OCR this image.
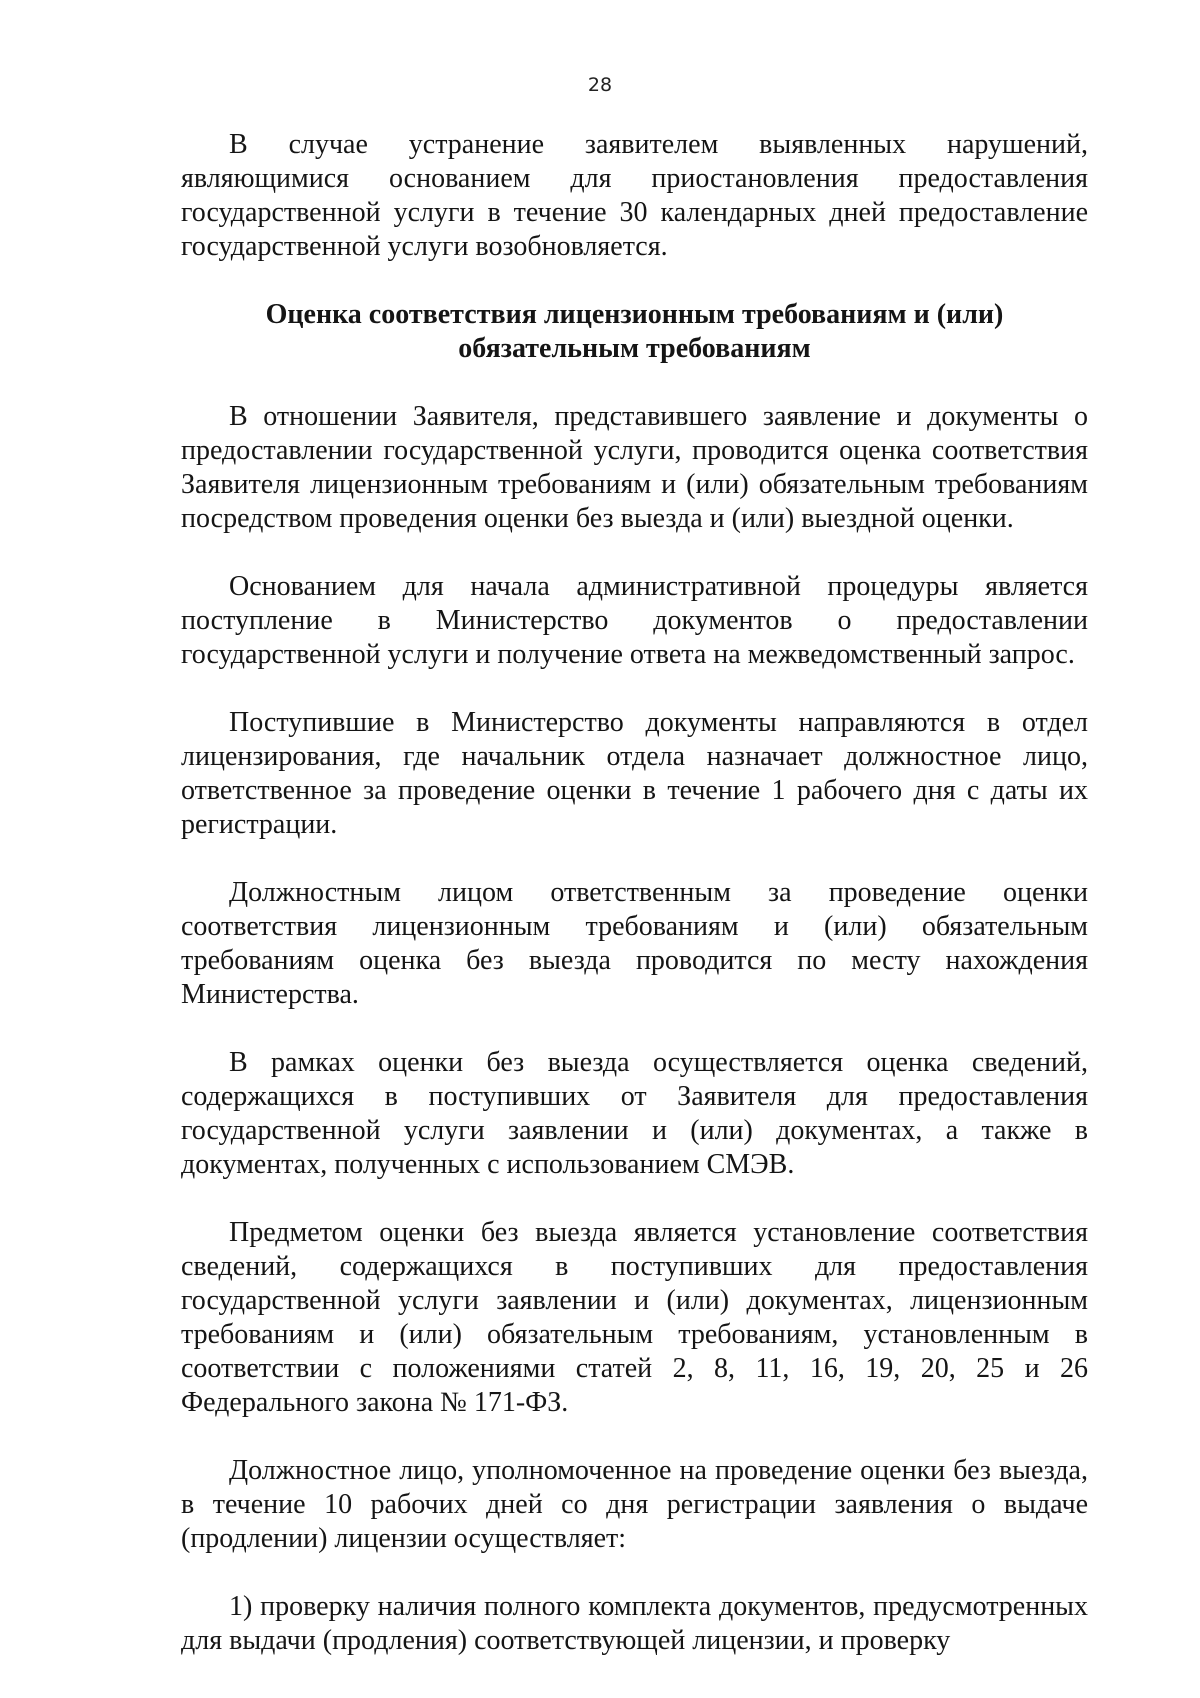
28

В случае устранение заявителем выявленных нарушений, являющимися основанием для приостановления предоставления государственной услуги в течение 30 календарных дней предоставление государственной услуги возобновляется.

Оценка соответствия лицензионным требованиям и (или)
обязательным требованиям

В отношении Заявителя, представившего заявление и документы о предоставлении государственной услуги, проводится оценка соответствия Заявителя лицензионным требованиям и (или) обязательным требованиям посредством проведения оценки без выезда и (или) выездной оценки.

Основанием для начала административной процедуры является поступление в Министерство документов о предоставлении государственной услуги и получение ответа на межведомственный запрос.

Поступившие в Министерство документы направляются в отдел лицензирования, где начальник отдела назначает должностное лицо, ответственное за проведение оценки в течение 1 рабочего дня с даты их регистрации.

Должностным лицом ответственным за проведение оценки соответствия лицензионным требованиям и (или) обязательным требованиям оценка без выезда проводится по месту нахождения Министерства.

В рамках оценки без выезда осуществляется оценка сведений, содержащихся в поступивших от Заявителя для предоставления государственной услуги заявлении и (или) документах, а также в документах, полученных с использованием СМЭВ.

Предметом оценки без выезда является установление соответствия сведений, содержащихся в поступивших для предоставления государственной услуги заявлении и (или) документах, лицензионным требованиям и (или) обязательным требованиям, установленным в соответствии с положениями статей 2, 8, 11, 16, 19, 20, 25 и 26 Федерального закона № 171-ФЗ.

Должностное лицо, уполномоченное на проведение оценки без выезда, в течение 10 рабочих дней со дня регистрации заявления о выдаче (продлении) лицензии осуществляет:

1) проверку наличия полного комплекта документов, предусмотренных для выдачи (продления) соответствующей лицензии, и проверку
